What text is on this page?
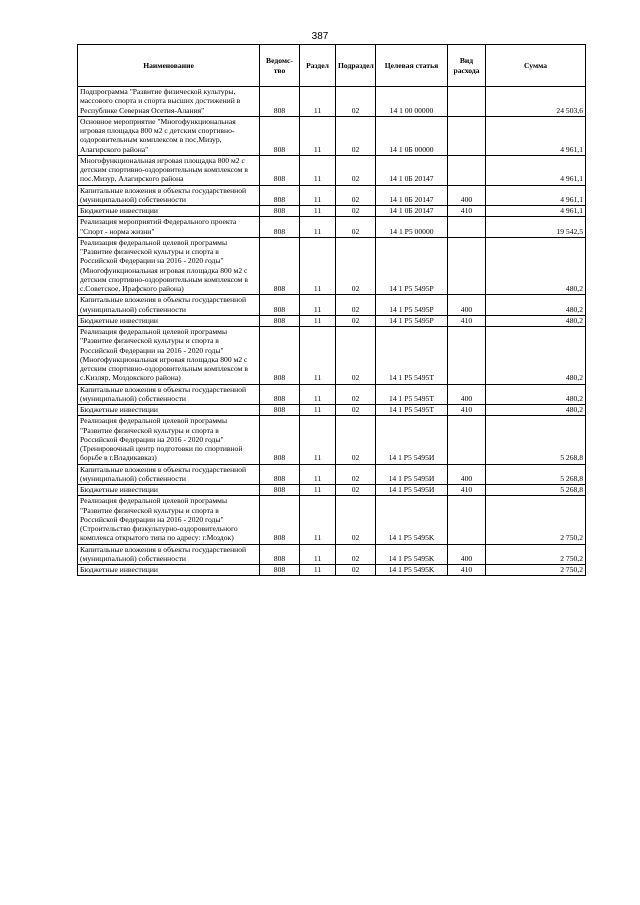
387
Наименование	Ведомс-тво	Раздел	Подраздел	Целевая статья	Вид расхода	Сумма
Подпрограмма "Развитие физической культуры, массового спорта и спорта высших достижений в Республике Северная Осетия-Алания"	808	11	02	14 1 00 00000		24 503,6
Основное мероприятие "Многофункциональная игровая площадка 800 м2 с детским спортивно-оздоровительным комплексом в пос.Мизур, Алагирского района"	808	11	02	14 1 0Б 00000		4 961,1
Многофункциональная игровая площадка 800 м2 с детским спортивно-оздоровительным комплексом в пос.Мизур, Алагирского района	808	11	02	14 1 0Б 20147		4 961,1
Капитальные вложения в объекты государственной (муниципальной) собственности	808	11	02	14 1 0Б 20147	400	4 961,1
Бюджетные инвестиции	808	11	02	14 1 0Б 20147	410	4 961,1
Реализация мероприятий Федерального проекта "Спорт - норма жизни"	808	11	02	14 1 P5 00000		19 542,5
Реализация федеральной целевой программы "Развитие физической культуры и спорта в Российской Федерации на 2016 - 2020 годы"(Многофункциональная игровая площадка 800 м2 с детским спортивно-оздоровительным комплексом в с.Советское, Ирафского района)	808	11	02	14 1 P5 5495P		480,2
Капитальные вложения в объекты государственной (муниципальной) собственности	808	11	02	14 1 P5 5495P	400	480,2
Бюджетные инвестиции	808	11	02	14 1 P5 5495P	410	480,2
Реализация федеральной целевой программы "Развитие физической культуры и спорта в Российской Федерации на 2016 - 2020 годы"(Многофункциональная игровая площадка 800 м2 с детским спортивно-оздоровительным комплексом в с.Кизляр, Моздокского района)	808	11	02	14 1 P5 5495T		480,2
Капитальные вложения в объекты государственной (муниципальной) собственности	808	11	02	14 1 P5 5495T	400	480,2
Бюджетные инвестиции	808	11	02	14 1 P5 5495T	410	480,2
Реализация федеральной целевой программы "Развитие физической культуры и спорта в Российской Федерации на 2016 - 2020 годы"(Тренировочный центр подготовки по спортивной борьбе в г.Владикавказ)	808	11	02	14 1 P5 5495И		5 268,8
Капитальные вложения в объекты государственной (муниципальной) собственности	808	11	02	14 1 P5 5495И	400	5 268,8
Бюджетные инвестиции	808	11	02	14 1 P5 5495И	410	5 268,8
Реализация федеральной целевой программы "Развитие физической культуры и спорта в Российской Федерации на 2016 - 2020 годы" (Строительство физкультурно-оздоровительного комплекса открытого типа по адресу: г.Моздок)	808	11	02	14 1 P5 5495K		2 750,2
Капитальные вложения в объекты государственной (муниципальной) собственности	808	11	02	14 1 P5 5495K	400	2 750,2
Бюджетные инвестиции	808	11	02	14 1 P5 5495K	410	2 750,2
